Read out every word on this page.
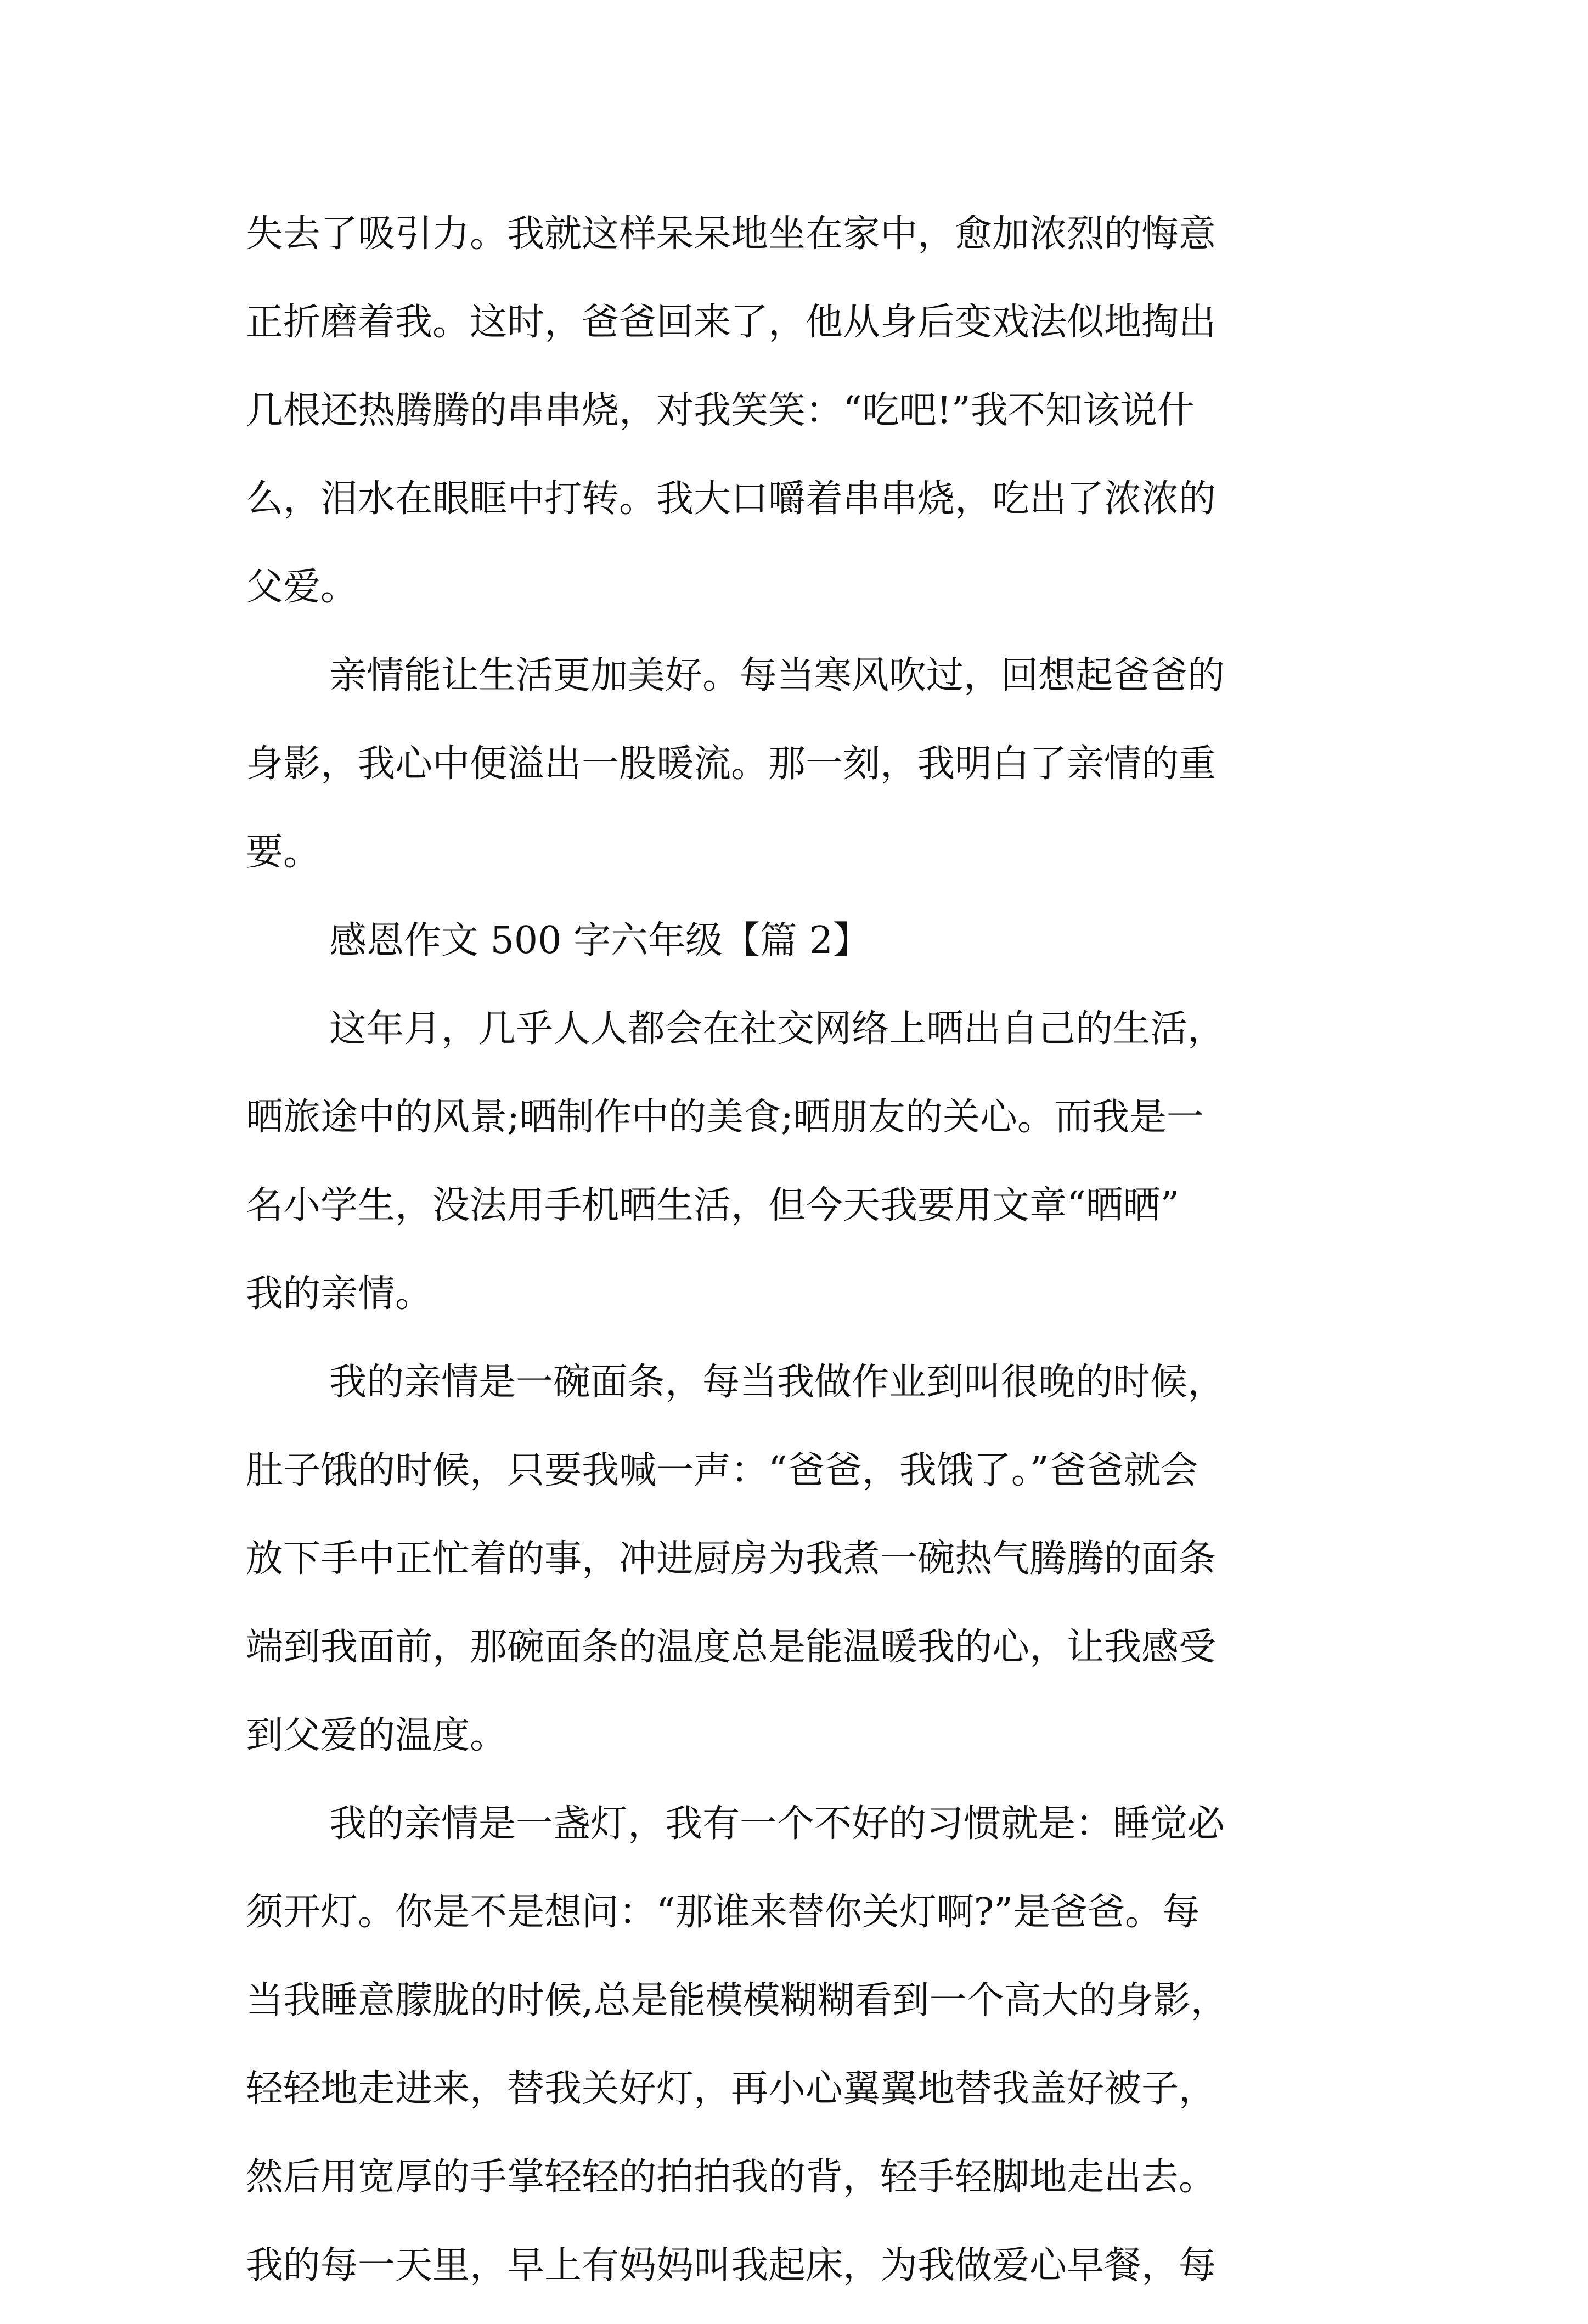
失去了吸引力。我就这样呆呆地坐在家中，愈加浓烈的悔意
正折磨着我。这时，爸爸回来了，他从身后变戏法似地掏出
几根还热腾腾的串串烧，对我笑笑：“吃吧!”我不知该说什
么，泪水在眼眶中打转。我大口嚼着串串烧，吃出了浓浓的
父爱。
亲情能让生活更加美好。每当寒风吹过，回想起爸爸的
身影，我心中便溢出一股暖流。那一刻，我明白了亲情的重
要。
感恩作文 500 字六年级【篇 2】
这年月，几乎人人都会在社交网络上晒出自己的生活，
晒旅途中的风景;晒制作中的美食;晒朋友的关心。而我是一
名小学生，没法用手机晒生活，但今天我要用文章“晒晒”
我的亲情。
我的亲情是一碗面条，每当我做作业到叫很晚的时候，
肚子饿的时候，只要我喊一声：“爸爸，我饿了。”爸爸就会
放下手中正忙着的事，冲进厨房为我煮一碗热气腾腾的面条
端到我面前，那碗面条的温度总是能温暖我的心，让我感受
到父爱的温度。
我的亲情是一盏灯，我有一个不好的习惯就是：睡觉必
须开灯。你是不是想问：“那谁来替你关灯啊?”是爸爸。每
当我睡意朦胧的时候,总是能模模糊糊看到一个高大的身影，
轻轻地走进来，替我关好灯，再小心翼翼地替我盖好被子，
然后用宽厚的手掌轻轻的拍拍我的背，轻手轻脚地走出去。
我的每一天里，早上有妈妈叫我起床，为我做爱心早餐，每
